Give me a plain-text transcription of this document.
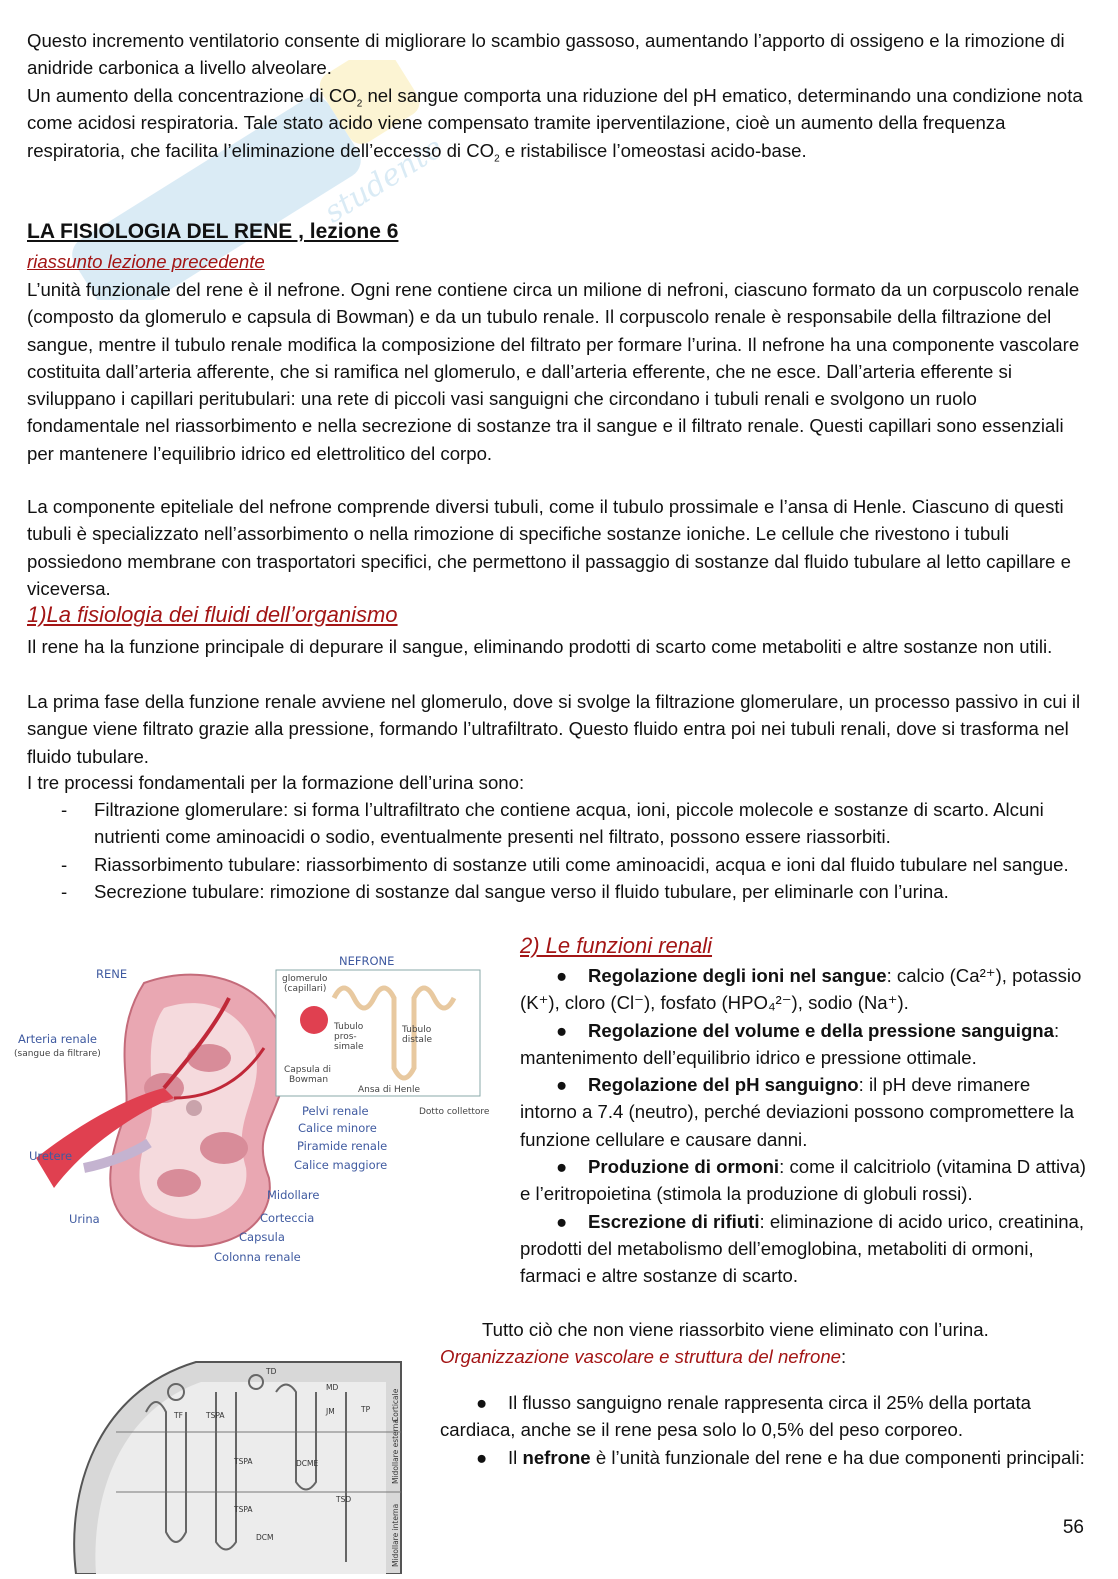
studente

Questo incremento ventilatorio consente di migliorare lo scambio gassoso, aumentando l’apporto di ossigeno e la rimozione di anidride carbonica a livello alveolare.

Un aumento della concentrazione di $CO_2$ nel sangue comporta una riduzione del pH ematico, determinando una condizione nota come acidosi respiratoria. Tale stato acido viene compensato tramite iperventilazione, cioè un aumento della frequenza respiratoria, che facilita l’eliminazione dell’eccesso di $CO_2$ e ristabilisce l’omeostasi acido-base.

LA FISIOLOGIA DEL RENE , lezione 6

riassunto lezione precedente

L’unità funzionale del rene è il nefrone. Ogni rene contiene circa un milione di nefroni, ciascuno formato da un corpuscolo renale (composto da glomerulo e capsula di Bowman) e da un tubulo renale. Il corpuscolo renale è responsabile della filtrazione del sangue, mentre il tubulo renale modifica la composizione del filtrato per formare l’urina. Il nefrone ha una componente vascolare costituita dall’arteria afferente, che si ramifica nel glomerulo, e dall’arteria efferente, che ne esce. Dall’arteria efferente si sviluppano i capillari peritubulari: una rete di piccoli vasi sanguigni che circondano i tubuli renali e svolgono un ruolo fondamentale nel riassorbimento e nella secrezione di sostanze tra il sangue e il filtrato renale. Questi capillari sono essenziali per mantenere l’equilibrio idrico ed elettrolitico del corpo.

La componente epiteliale del nefrone comprende diversi tubuli, come il tubulo prossimale e l’ansa di Henle. Ciascuno di questi tubuli è specializzato nell’assorbimento o nella rimozione di specifiche sostanze ioniche. Le cellule che rivestono i tubuli possiedono membrane con trasportatori specifici, che permettono il passaggio di sostanze dal fluido tubulare al letto capillare e viceversa.

1)La fisiologia dei fluidi dell’organismo

Il rene ha la funzione principale di depurare il sangue, eliminando prodotti di scarto come metaboliti e altre sostanze non utili.

La prima fase della funzione renale avviene nel glomerulo, dove si svolge la filtrazione glomerulare, un processo passivo in cui il sangue viene filtrato grazie alla pressione, formando l’ultrafiltrato. Questo fluido entra poi nei tubuli renali, dove si trasforma nel fluido tubulare.

I tre processi fondamentali per la formazione dell’urina sono:

- Filtrazione glomerulare: si forma l’ultrafiltrato che contiene acqua, ioni, piccole molecole e sostanze di scarto. Alcuni nutrienti come aminoacidi o sodio, eventualmente presenti nel filtrato, possono essere riassorbiti.
- Riassorbimento tubulare: riassorbimento di sostanze utili come aminoacidi, acqua e ioni dal fluido tubulare nel sangue.
- Secrezione tubulare: rimozione di sostanze dal sangue verso il fluido tubulare, per eliminarle con l’urina.
RENE
NEFRONE
Arteria renale
(sangue da filtrare)
Uretere
Urina
glomerulo
(capillari)
Tubulo
pros-
simale
Tubulo
distale
Capsula di
Bowman
Ansa di Henle
Dotto collettore
Pelvi renale
Calice minore
Piramide renale
Calice maggiore
Midollare
Corteccia
Capsula
Colonna renale

2) Le funzioni renali

● Regolazione degli ioni nel sangue: calcio (Ca²⁺), potassio (K⁺), cloro (Cl⁻), fosfato (HPO₄²⁻), sodio (Na⁺).

● Regolazione del volume e della pressione sanguigna: mantenimento dell’equilibrio idrico e pressione ottimale.

● Regolazione del pH sanguigno: il pH deve rimanere intorno a 7.4 (neutro), perché deviazioni possono compromettere la funzione cellulare e causare danni.

● Produzione di ormoni: come il calcitriolo (vitamina D attiva) e l’eritropoietina (stimola la produzione di globuli rossi).

● Escrezione di rifiuti: eliminazione di acido urico, creatinina, prodotti del metabolismo dell’emoglobina, metaboliti di ormoni, farmaci e altre sostanze di scarto.

Tutto ciò che non viene riassorbito viene eliminato con l’urina.

Organizzazione vascolare e struttura del nefrone:

TD
MD
TF	TSPA	JM	TP
TSPA	DCME
TSPA
TSD
DCM
Corticale
Midollare esterna
Midollare interna

● Il flusso sanguigno renale rappresenta circa il 25% della portata cardiaca, anche se il rene pesa solo lo 0,5% del peso corporeo.

● Il nefrone è l’unità funzionale del rene e ha due componenti principali:

56
